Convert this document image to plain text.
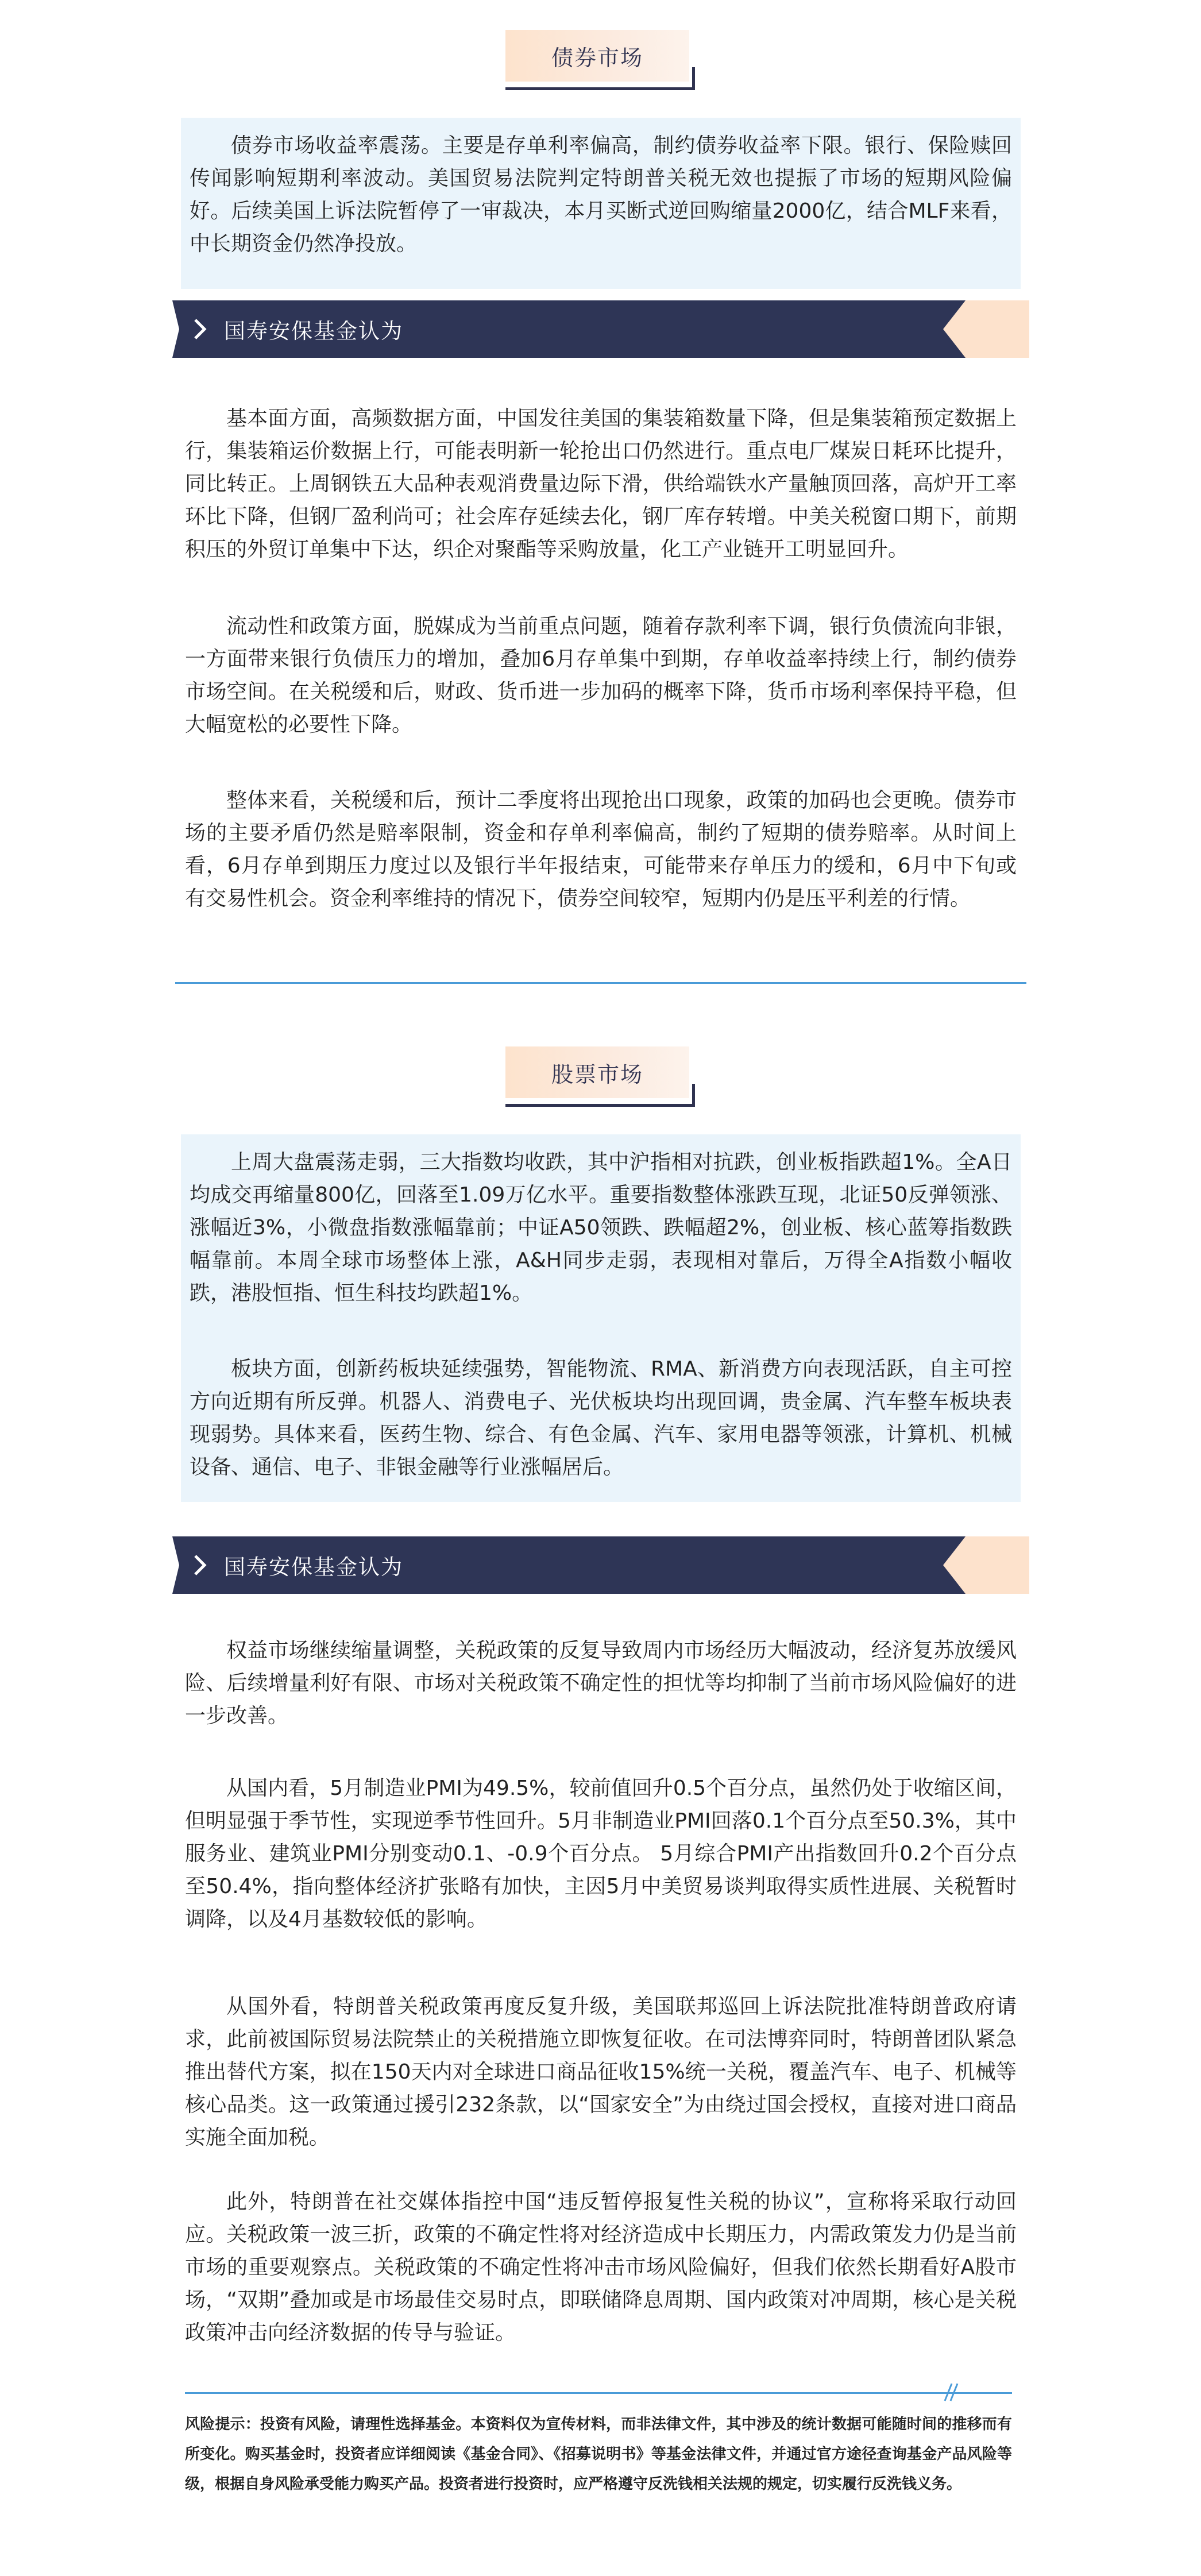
债券市场

债券市场收益率震荡。主要是存单利率偏高，制约债券收益率下限。银行、保险赎回传闻影响短期利率波动。美国贸易法院判定特朗普关税无效也提振了市场的短期风险偏好。后续美国上诉法院暂停了一审裁决，本月买断式逆回购缩量2000亿，结合MLF来看，中长期资金仍然净投放。

国寿安保基金认为

基本面方面，高频数据方面，中国发往美国的集装箱数量下降，但是集装箱预定数据上行，集装箱运价数据上行，可能表明新一轮抢出口仍然进行。重点电厂煤炭日耗环比提升，同比转正。上周钢铁五大品种表观消费量边际下滑，供给端铁水产量触顶回落，高炉开工率环比下降，但钢厂盈利尚可；社会库存延续去化，钢厂库存转增。中美关税窗口期下，前期积压的外贸订单集中下达，织企对聚酯等采购放量，化工产业链开工明显回升。

流动性和政策方面，脱媒成为当前重点问题，随着存款利率下调，银行负债流向非银，一方面带来银行负债压力的增加，叠加6月存单集中到期，存单收益率持续上行，制约债券市场空间。在关税缓和后，财政、货币进一步加码的概率下降，货币市场利率保持平稳，但大幅宽松的必要性下降。

整体来看，关税缓和后，预计二季度将出现抢出口现象，政策的加码也会更晚。债券市场的主要矛盾仍然是赔率限制，资金和存单利率偏高，制约了短期的债券赔率。从时间上看，6月存单到期压力度过以及银行半年报结束，可能带来存单压力的缓和，6月中下旬或有交易性机会。资金利率维持的情况下，债券空间较窄，短期内仍是压平利差的行情。

股票市场

上周大盘震荡走弱，三大指数均收跌，其中沪指相对抗跌，创业板指跌超1%。全A日均成交再缩量800亿，回落至1.09万亿水平。重要指数整体涨跌互现，北证50反弹领涨、涨幅近3%，小微盘指数涨幅靠前；中证A50领跌、跌幅超2%，创业板、核心蓝筹指数跌幅靠前。本周全球市场整体上涨，A&H同步走弱，表现相对靠后，万得全A指数小幅收跌，港股恒指、恒生科技均跌超1%。

板块方面，创新药板块延续强势，智能物流、RMA、新消费方向表现活跃，自主可控方向近期有所反弹。机器人、消费电子、光伏板块均出现回调，贵金属、汽车整车板块表现弱势。具体来看，医药生物、综合、有色金属、汽车、家用电器等领涨，计算机、机械设备、通信、电子、非银金融等行业涨幅居后。

国寿安保基金认为

权益市场继续缩量调整，关税政策的反复导致周内市场经历大幅波动，经济复苏放缓风险、后续增量利好有限、市场对关税政策不确定性的担忧等均抑制了当前市场风险偏好的进一步改善。

从国内看，5月制造业PMI为49.5%，较前值回升0.5个百分点，虽然仍处于收缩区间，但明显强于季节性，实现逆季节性回升。5月非制造业PMI回落0.1个百分点至50.3%，其中服务业、建筑业PMI分别变动0.1、-0.9个百分点。 5月综合PMI产出指数回升0.2个百分点至50.4%，指向整体经济扩张略有加快，主因5月中美贸易谈判取得实质性进展、关税暂时调降，以及4月基数较低的影响。

从国外看，特朗普关税政策再度反复升级，美国联邦巡回上诉法院批准特朗普政府请求，此前被国际贸易法院禁止的关税措施立即恢复征收。在司法博弈同时，特朗普团队紧急推出替代方案，拟在150天内对全球进口商品征收15%统一关税，覆盖汽车、电子、机械等核心品类。这一政策通过援引232条款，以“国家安全”为由绕过国会授权，直接对进口商品实施全面加税。

此外，特朗普在社交媒体指控中国“违反暂停报复性关税的协议”，宣称将采取行动回应。关税政策一波三折，政策的不确定性将对经济造成中长期压力，内需政策发力仍是当前市场的重要观察点。关税政策的不确定性将冲击市场风险偏好，但我们依然长期看好A股市场，“双期”叠加或是市场最佳交易时点，即联储降息周期、国内政策对冲周期，核心是关税政策冲击向经济数据的传导与验证。

风险提示：投资有风险，请理性选择基金。本资料仅为宣传材料，而非法律文件，其中涉及的统计数据可能随时间的推移而有所变化。购买基金时，投资者应详细阅读《基金合同》、《招募说明书》等基金法律文件，并通过官方途径查询基金产品风险等级，根据自身风险承受能力购买产品。投资者进行投资时，应严格遵守反洗钱相关法规的规定，切实履行反洗钱义务。
